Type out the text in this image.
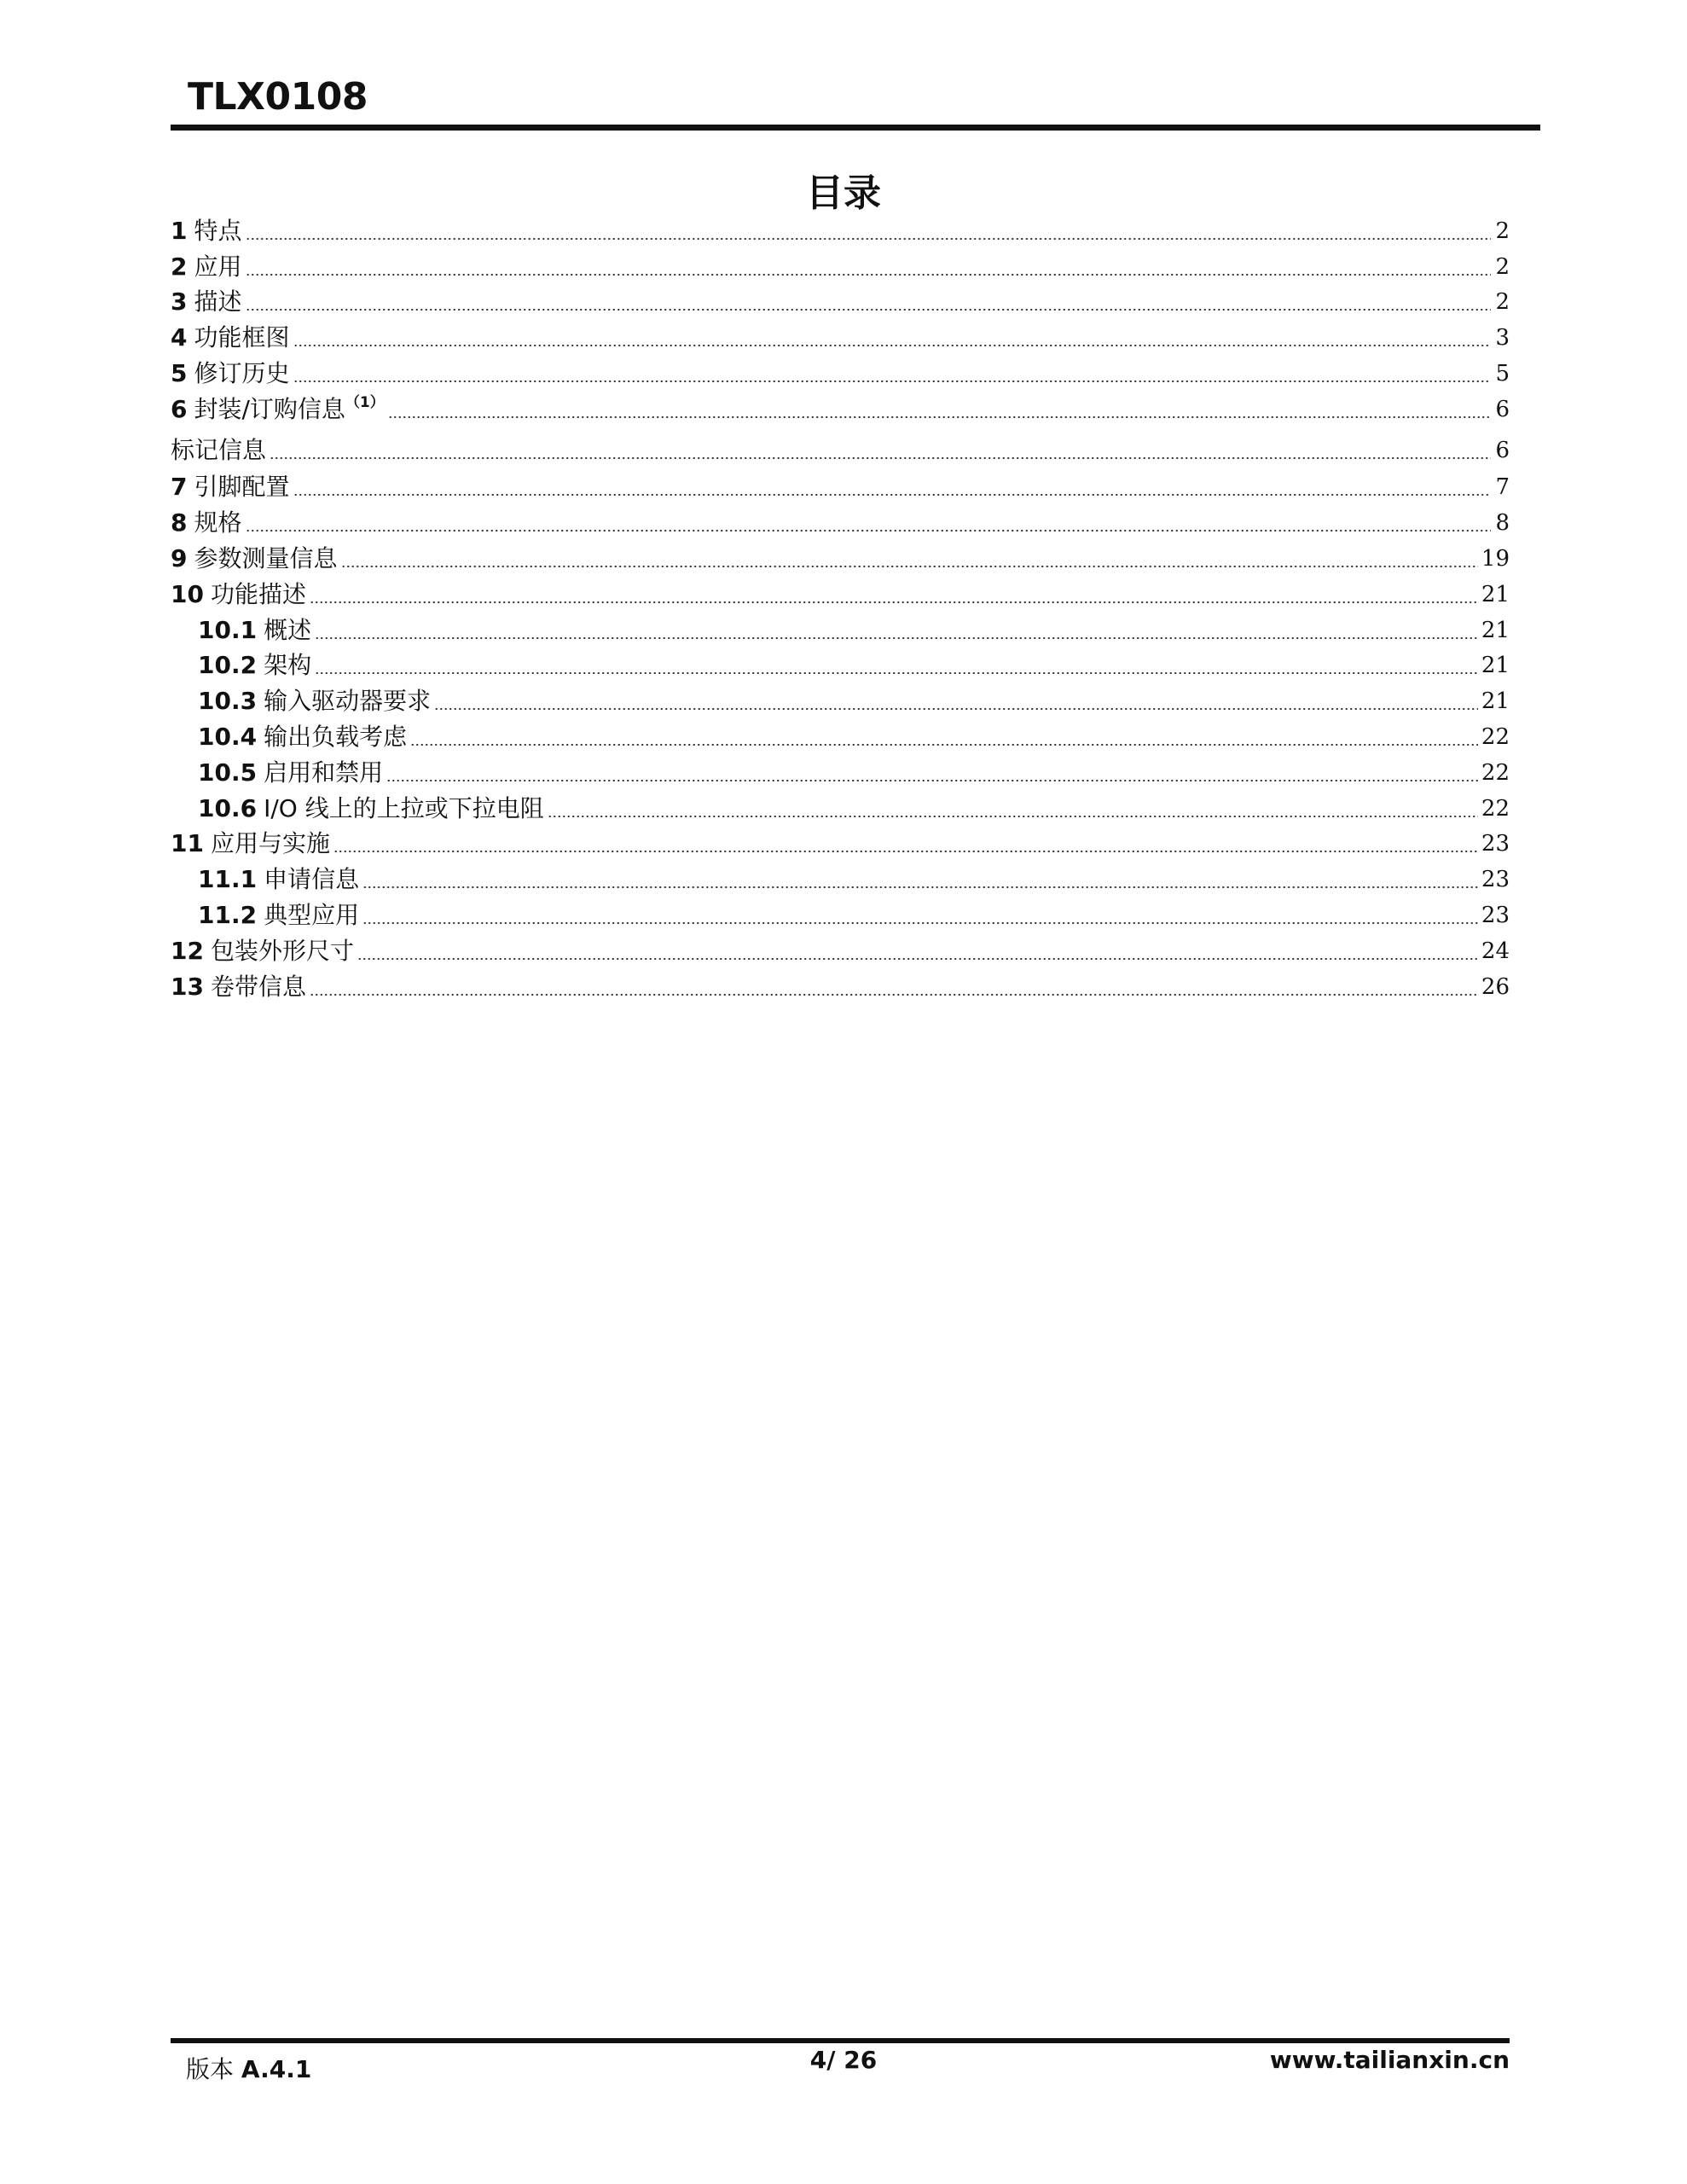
TLX0108
目录
1 特点	2
2 应用	2
3 描述	2
4 功能框图	3
5 修订历史	5
6 封装/订购信息$^{(1)}$	6
标记信息	6
7 引脚配置	7
8 规格	8
9 参数测量信息	19
10 功能描述	21
10.1 概述	21
10.2 架构	21
10.3 输入驱动器要求	21
10.4 输出负载考虑	22
10.5 启用和禁用	22
10.6 I/O 线上的上拉或下拉电阻	22
11 应用与实施	23
11.1 申请信息	23
11.2 典型应用	23
12 包装外形尺寸	24
13 卷带信息	26
版本 A.4.1	4/ 26	www.tailianxin.cn
